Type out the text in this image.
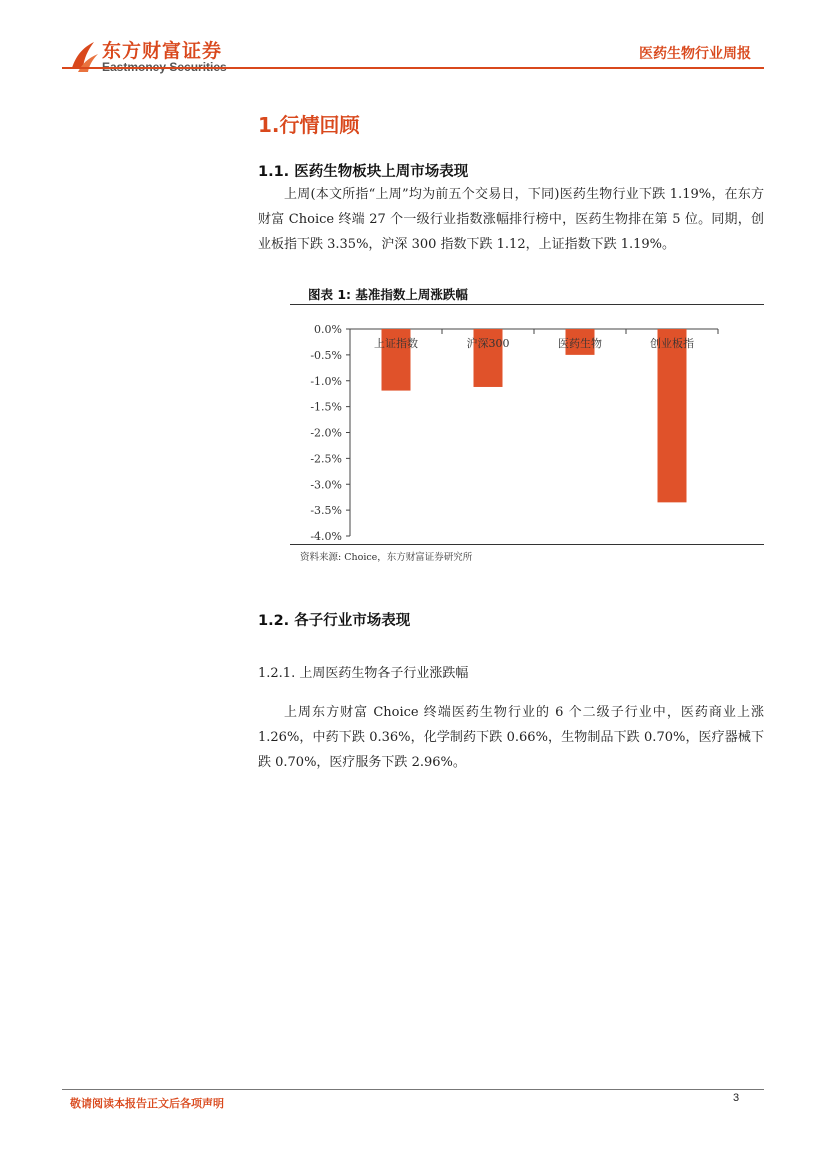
东方财富证券	医药生物行业周报
1.行情回顾
1.1. 医药生物板块上周市场表现
上周(本文所指“上周”均为前五个交易日，下同)医药生物行业下跌 1.19%，在东方财富 Choice 终端 27 个一级行业指数涨幅排行榜中，医药生物排在第 5 位。同期，创业板指下跌 3.35%，沪深 300 指数下跌 1.12，上证指数下跌 1.19%。
图表 1: 基准指数上周涨跌幅
0.0%
-0.5%
-1.0%
-1.5%
-2.0%
-2.5%
-3.0%
-3.5%
-4.0%
上证指数	沪深300	医药生物	创业板指
资料来源: Choice，东方财富证券研究所
1.2. 各子行业市场表现
1.2.1. 上周医药生物各子行业涨跌幅
上周东方财富 Choice 终端医药生物行业的 6 个二级子行业中，医药商业上涨 1.26%，中药下跌 0.36%，化学制药下跌 0.66%，生物制品下跌 0.70%，医疗器械下跌 0.70%，医疗服务下跌 2.96%。
敬请阅读本报告正文后各项声明	3
